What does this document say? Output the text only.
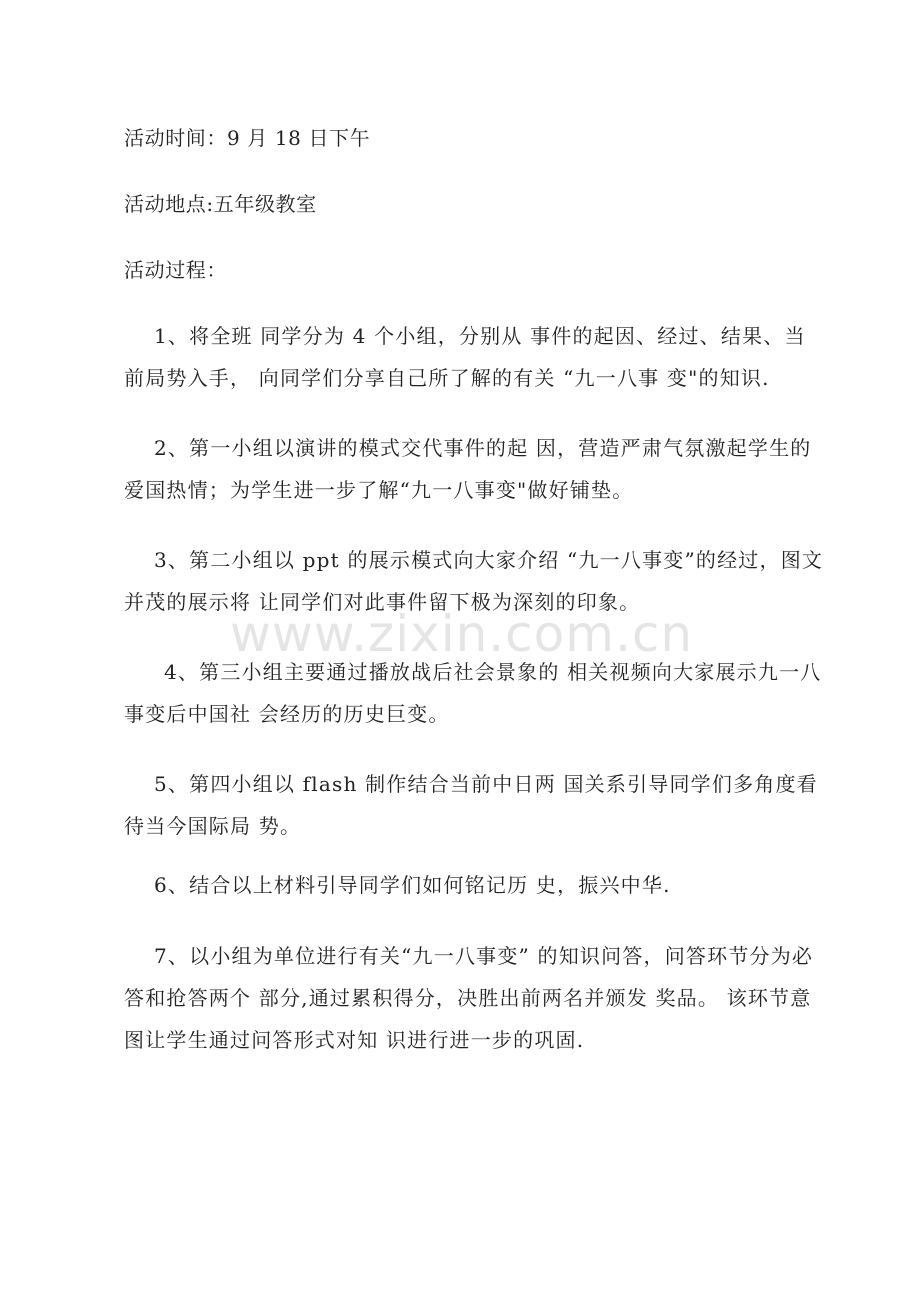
活动时间：9 月 18 日下午
活动地点:五年级教室
活动过程：
1、将全班 同学分为 4 个小组，分别从 事件的起因、经过、结果、当前局势入手， 向同学们分享自己所了解的有关 “九一八事 变"的知识.
2、第一小组以演讲的模式交代事件的起 因，营造严肃气氛激起学生的爱国热情；为学生进一步了解“九一八事变"做好铺垫。
3、第二小组以 ppt 的展示模式向大家介绍 “九一八事变”的经过，图文并茂的展示将 让同学们对此事件留下极为深刻的印象。
4、第三小组主要通过播放战后社会景象的 相关视频向大家展示九一八事变后中国社 会经历的历史巨变。
5、第四小组以 flash 制作结合当前中日两 国关系引导同学们多角度看待当今国际局 势。
6、结合以上材料引导同学们如何铭记历 史，振兴中华.
7、以小组为单位进行有关“九一八事变” 的知识问答，问答环节分为必答和抢答两个 部分,通过累积得分，决胜出前两名并颁发 奖品。 该环节意图让学生通过问答形式对知 识进行进一步的巩固.
www.zixin.com.cn
